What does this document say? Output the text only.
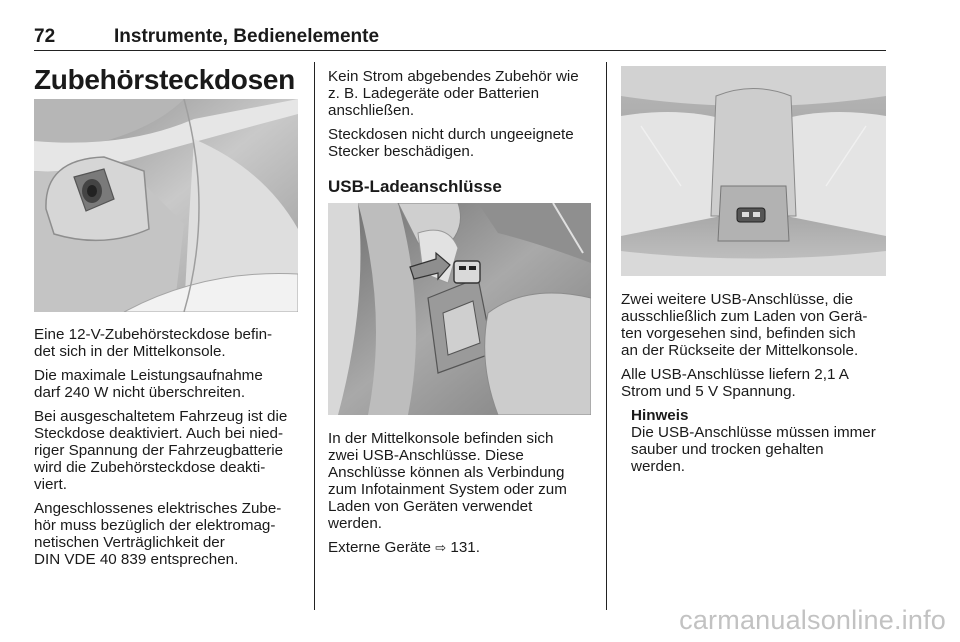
72	Instrumente, Bedienelemente
Zubehörsteckdosen

Eine 12-V-Zubehörsteckdose befin-
det sich in der Mittelkonsole.

Die maximale Leistungsaufnahme
darf 240 W nicht überschreiten.

Bei ausgeschaltetem Fahrzeug ist die
Steckdose deaktiviert. Auch bei nied-
riger Spannung der Fahrzeugbatterie
wird die Zubehörsteckdose deakti-
viert.

Angeschlossenes elektrisches Zube-
hör muss bezüglich der elektromag-
netischen Verträglichkeit der
DIN VDE 40 839 entsprechen.

Kein Strom abgebendes Zubehör wie
z. B. Ladegeräte oder Batterien
anschließen.

Steckdosen nicht durch ungeeignete
Stecker beschädigen.

USB-Ladeanschlüsse

In der Mittelkonsole befinden sich
zwei USB-Anschlüsse. Diese
Anschlüsse können als Verbindung
zum Infotainment System oder zum
Laden von Geräten verwendet
werden.

Externe Geräte ⇨ 131.

Zwei weitere USB-Anschlüsse, die
ausschließlich zum Laden von Gerä-
ten vorgesehen sind, befinden sich
an der Rückseite der Mittelkonsole.

Alle USB-Anschlüsse liefern 2,1 A
Strom und 5 V Spannung.

Hinweis
Die USB-Anschlüsse müssen immer
sauber und trocken gehalten
werden.
carmanualsonline.info
